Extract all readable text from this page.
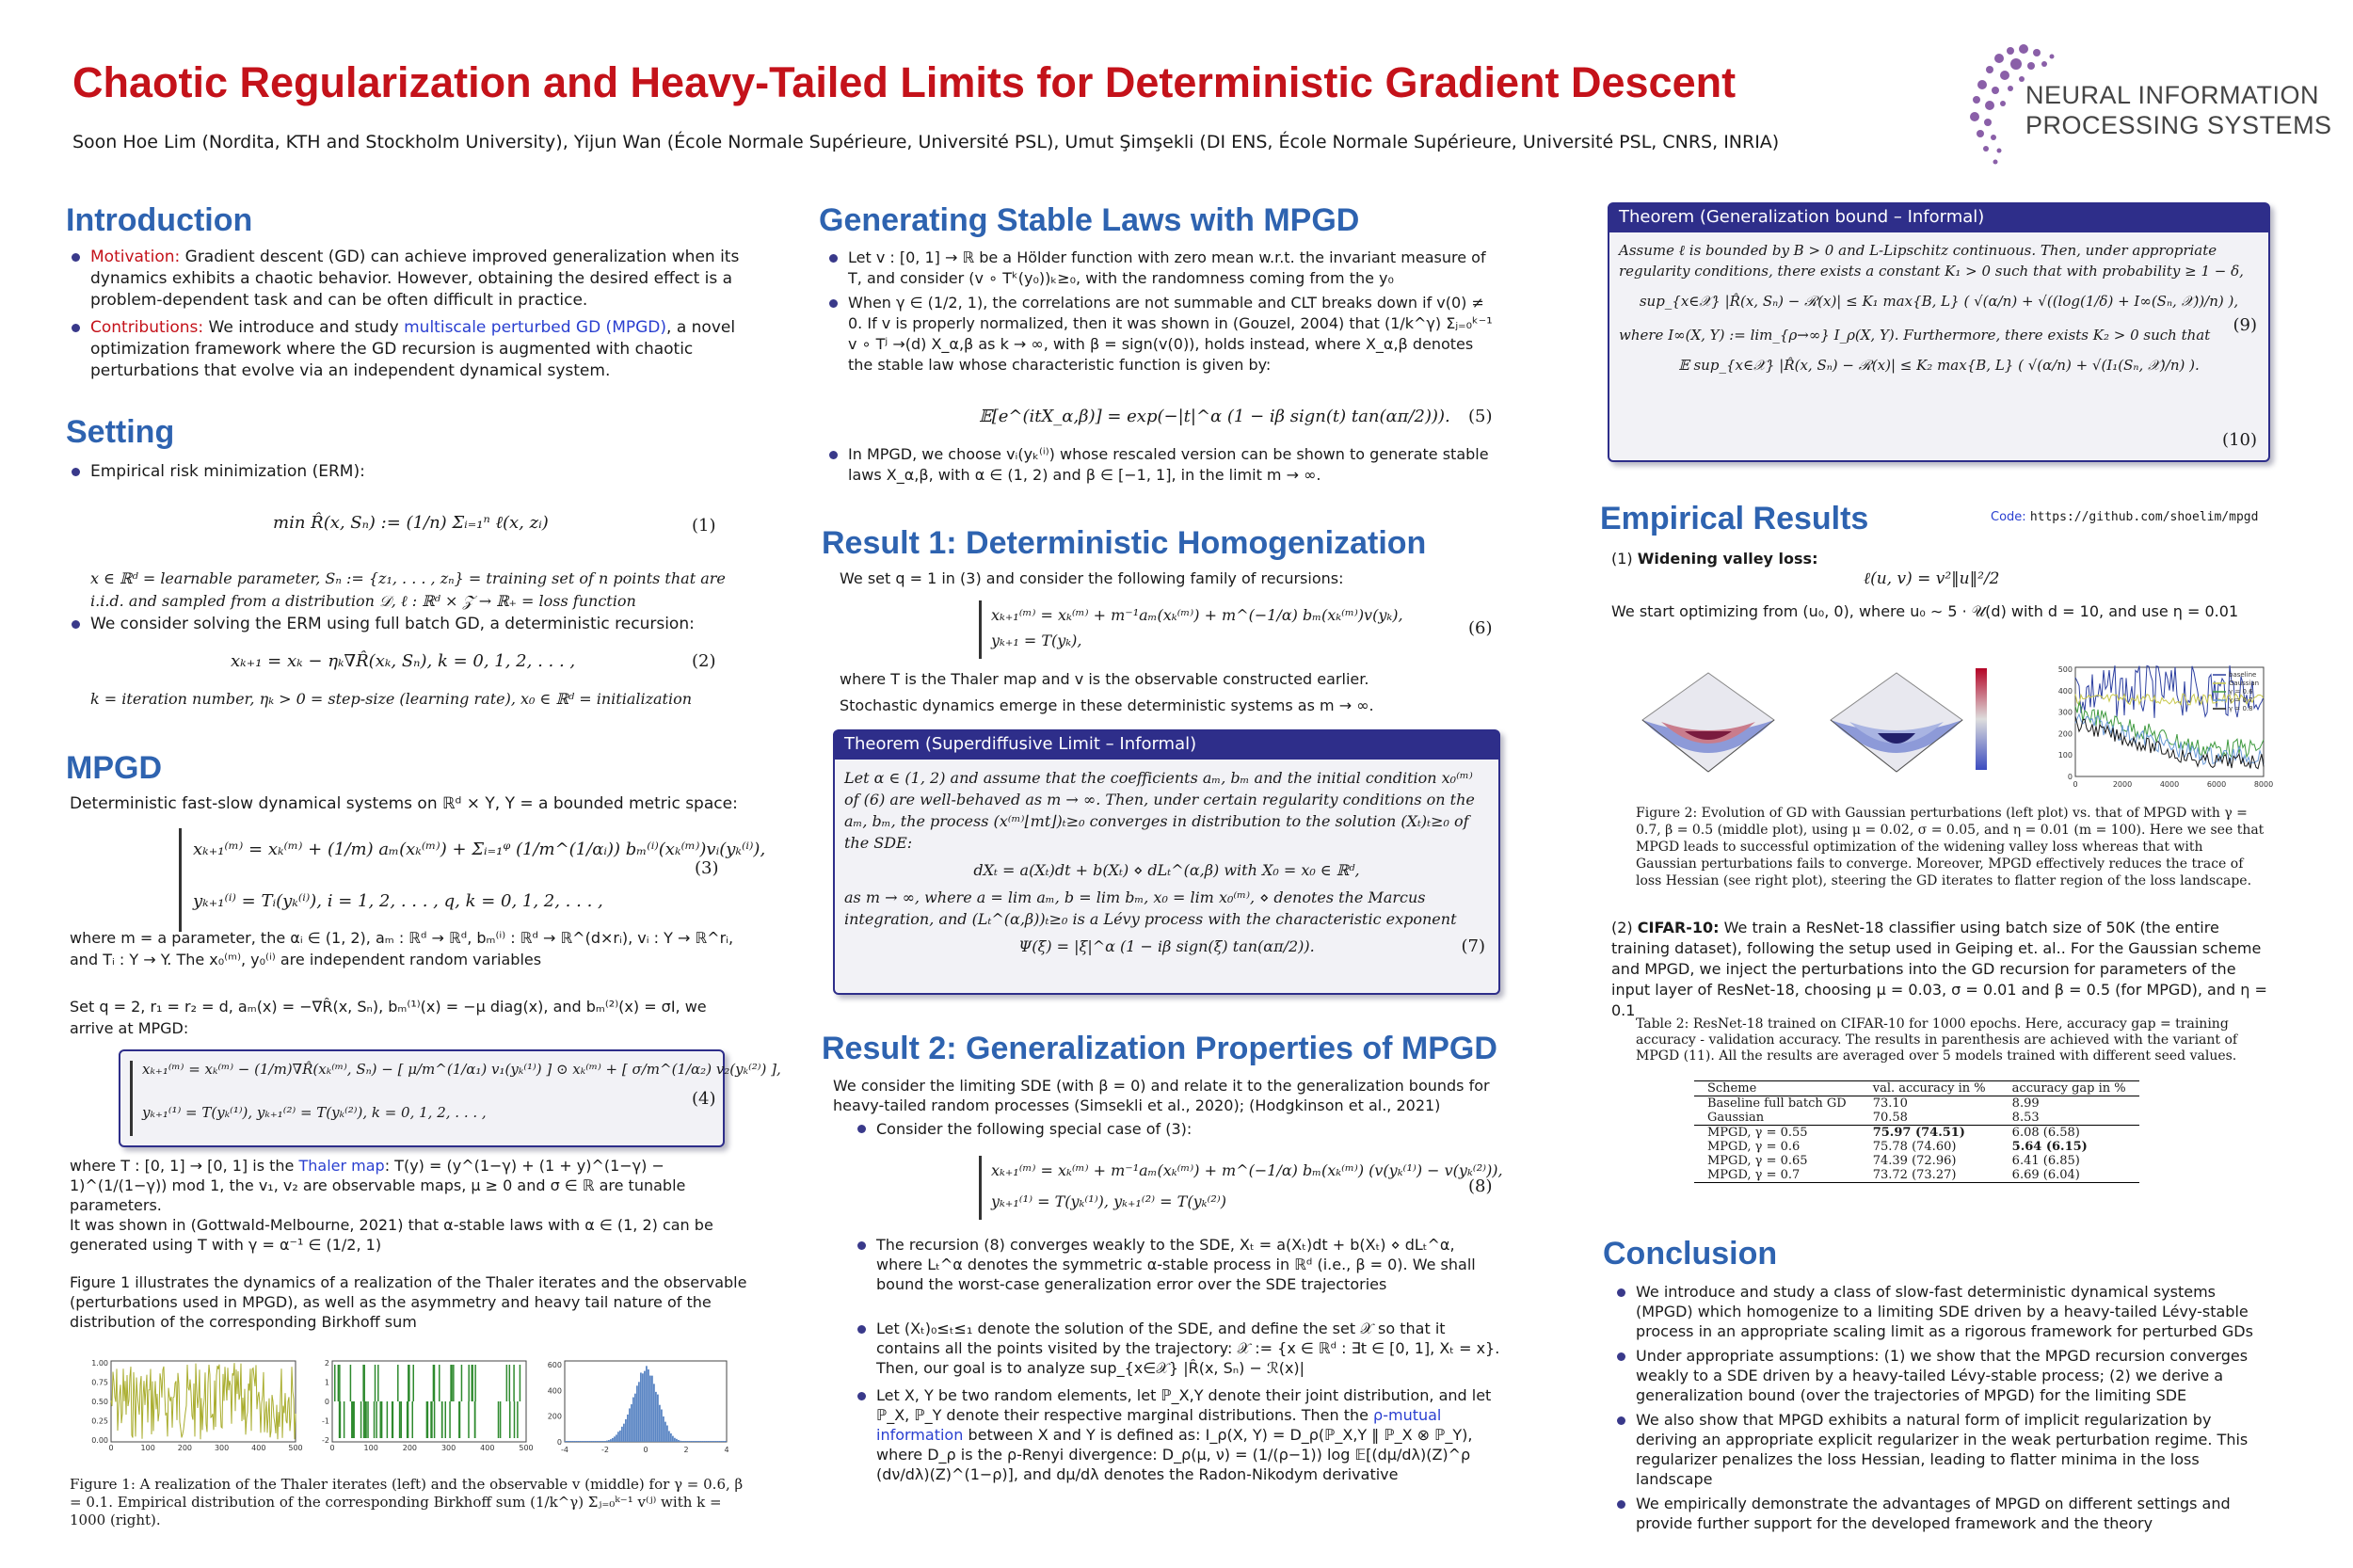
Chaotic Regularization and Heavy-Tailed Limits for Deterministic Gradient Descent
Soon Hoe Lim (Nordita, KTH and Stockholm University), Yijun Wan (École Normale Supérieure, Université PSL), Umut Şimşekli (DI ENS, École Normale Supérieure, Université PSL, CNRS, INRIA)
NEURAL INFORMATION
PROCESSING SYSTEMS
Introduction
Motivation: Gradient descent (GD) can achieve improved generalization when its dynamics exhibits a chaotic behavior. However, obtaining the desired effect is a problem-dependent task and can be often difficult in practice.
Contributions: We introduce and study multiscale perturbed GD (MPGD), a novel optimization framework where the GD recursion is augmented with chaotic perturbations that evolve via an independent dynamical system.
Setting
Empirical risk minimization (ERM):
min R̂(x, Sₙ) := (1/n) Σᵢ₌₁ⁿ ℓ(x, zᵢ)	(1)
x ∈ ℝᵈ = learnable parameter, Sₙ := {z₁, . . . , zₙ} = training set of n points that are i.i.d. and sampled from a distribution 𝒟, ℓ : ℝᵈ × 𝒵 → ℝ₊ = loss function
We consider solving the ERM using full batch GD, a deterministic recursion:
xₖ₊₁ = xₖ − ηₖ∇R̂(xₖ, Sₙ), k = 0, 1, 2, . . . ,	(2)
k = iteration number, ηₖ > 0 = step-size (learning rate), x₀ ∈ ℝᵈ = initialization
MPGD
Deterministic fast-slow dynamical systems on ℝᵈ × Y, Y = a bounded metric space:
xₖ₊₁⁽ᵐ⁾ = xₖ⁽ᵐ⁾ + (1/m) aₘ(xₖ⁽ᵐ⁾) + Σᵢ₌₁ᵠ (1/m^(1/αᵢ)) bₘ⁽ⁱ⁾(xₖ⁽ᵐ⁾)vᵢ(yₖ⁽ⁱ⁾),
yₖ₊₁⁽ⁱ⁾ = Tᵢ(yₖ⁽ⁱ⁾), i = 1, 2, . . . , q, k = 0, 1, 2, . . . ,
(3)
where m = a parameter, the αᵢ ∈ (1, 2), aₘ : ℝᵈ → ℝᵈ, bₘ⁽ⁱ⁾ : ℝᵈ → ℝ^(d×rᵢ), vᵢ : Y → ℝ^rᵢ, and Tᵢ : Y → Y. The x₀⁽ᵐ⁾, y₀⁽ⁱ⁾ are independent random variables
Set q = 2, r₁ = r₂ = d, aₘ(x) = −∇R̂(x, Sₙ), bₘ⁽¹⁾(x) = −μ diag(x), and bₘ⁽²⁾(x) = σI, we arrive at MPGD:
xₖ₊₁⁽ᵐ⁾ = xₖ⁽ᵐ⁾ − (1/m)∇R̂(xₖ⁽ᵐ⁾, Sₙ) − [ μ/m^(1/α₁) v₁(yₖ⁽¹⁾) ] ⊙ xₖ⁽ᵐ⁾ + [ σ/m^(1/α₂) v₂(yₖ⁽²⁾) ],
yₖ₊₁⁽¹⁾ = T(yₖ⁽¹⁾), yₖ₊₁⁽²⁾ = T(yₖ⁽²⁾), k = 0, 1, 2, . . . ,
(4)
where T : [0, 1] → [0, 1] is the Thaler map: T(y) = (y^(1−γ) + (1 + y)^(1−γ) − 1)^(1/(1−γ)) mod 1, the v₁, v₂ are observable maps, μ ≥ 0 and σ ∈ ℝ are tunable parameters.
It was shown in (Gottwald-Melbourne, 2021) that α-stable laws with α ∈ (1, 2) can be generated using T with γ = α⁻¹ ∈ (1/2, 1)
Figure 1 illustrates the dynamics of a realization of the Thaler iterates and the observable (perturbations used in MPGD), as well as the asymmetry and heavy tail nature of the distribution of the corresponding Birkhoff sum
1.00
0.75
0.50
0.25
0.00
0	100	200	300	400	500
2
1
0
-1
-2
0	100	200	300	400	500
600
400
200
0
-4	-2	0	2	4
Figure 1: A realization of the Thaler iterates (left) and the observable v (middle) for γ = 0.6, β = 0.1. Empirical distribution of the corresponding Birkhoff sum (1/k^γ) Σⱼ₌₀ᵏ⁻¹ v⁽ʲ⁾ with k = 1000 (right).
Generating Stable Laws with MPGD
Let v : [0, 1] → ℝ be a Hölder function with zero mean w.r.t. the invariant measure of T, and consider (v ∘ Tᵏ(y₀))ₖ≥₀, with the randomness coming from the y₀
When γ ∈ (1/2, 1), the correlations are not summable and CLT breaks down if v(0) ≠ 0. If v is properly normalized, then it was shown in (Gouzel, 2004) that (1/k^γ) Σⱼ₌₀ᵏ⁻¹ v ∘ Tʲ →(d) X_α,β as k → ∞, with β = sign(v(0)), holds instead, where X_α,β denotes the stable law whose characteristic function is given by:
𝔼[e^(itX_α,β)] = exp(−|t|^α (1 − iβ sign(t) tan(απ/2))). (5)
In MPGD, we choose vᵢ(yₖ⁽ⁱ⁾) whose rescaled version can be shown to generate stable laws X_α,β, with α ∈ (1, 2) and β ∈ [−1, 1], in the limit m → ∞.
Result 1: Deterministic Homogenization
We set q = 1 in (3) and consider the following family of recursions:
xₖ₊₁⁽ᵐ⁾ = xₖ⁽ᵐ⁾ + m⁻¹aₘ(xₖ⁽ᵐ⁾) + m^(−1/α) bₘ(xₖ⁽ᵐ⁾)v(yₖ),
yₖ₊₁ = T(yₖ),
(6)
where T is the Thaler map and v is the observable constructed earlier.
Stochastic dynamics emerge in these deterministic systems as m → ∞.
Theorem (Superdiffusive Limit – Informal)
Let α ∈ (1, 2) and assume that the coefficients aₘ, bₘ and the initial condition x₀⁽ᵐ⁾ of (6) are well-behaved as m → ∞. Then, under certain regularity conditions on the aₘ, bₘ, the process (x⁽ᵐ⁾⌊mt⌋)ₜ≥₀ converges in distribution to the solution (Xₜ)ₜ≥₀ of the SDE:
dXₜ = a(Xₜ)dt + b(Xₜ) ⋄ dLₜ^(α,β) with X₀ = x₀ ∈ ℝᵈ,
as m → ∞, where a = lim aₘ, b = lim bₘ, x₀ = lim x₀⁽ᵐ⁾, ⋄ denotes the Marcus integration, and (Lₜ^(α,β))ₜ≥₀ is a Lévy process with the characteristic exponent
Ψ(ξ) = |ξ|^α (1 − iβ sign(ξ) tan(απ/2)).	(7)
Result 2: Generalization Properties of MPGD
We consider the limiting SDE (with β = 0) and relate it to the generalization bounds for heavy-tailed random processes (Simsekli et al., 2020); (Hodgkinson et al., 2021)
Consider the following special case of (3):
xₖ₊₁⁽ᵐ⁾ = xₖ⁽ᵐ⁾ + m⁻¹aₘ(xₖ⁽ᵐ⁾) + m^(−1/α) bₘ(xₖ⁽ᵐ⁾) (v(yₖ⁽¹⁾) − v(yₖ⁽²⁾)),
yₖ₊₁⁽¹⁾ = T(yₖ⁽¹⁾), yₖ₊₁⁽²⁾ = T(yₖ⁽²⁾)
(8)
The recursion (8) converges weakly to the SDE, Xₜ = a(Xₜ)dt + b(Xₜ) ⋄ dLₜ^α, where Lₜ^α denotes the symmetric α-stable process in ℝᵈ (i.e., β = 0). We shall bound the worst-case generalization error over the SDE trajectories
Let (Xₜ)₀≤ₜ≤₁ denote the solution of the SDE, and define the set 𝒳 so that it contains all the points visited by the trajectory: 𝒳 := {x ∈ ℝᵈ : ∃t ∈ [0, 1], Xₜ = x}. Then, our goal is to analyze sup_{x∈𝒳} |R̂(x, Sₙ) − ℛ(x)|
Let X, Y be two random elements, let ℙ_X,Y denote their joint distribution, and let ℙ_X, ℙ_Y denote their respective marginal distributions. Then the ρ-mutual information between X and Y is defined as: I_ρ(X, Y) = D_ρ(ℙ_X,Y ‖ ℙ_X ⊗ ℙ_Y), where D_ρ is the ρ-Renyi divergence: D_ρ(μ, ν) = (1/(ρ−1)) log 𝔼[(dμ/dλ)(Z)^ρ (dν/dλ)(Z)^(1−ρ)], and dμ/dλ denotes the Radon-Nikodym derivative
Theorem (Generalization bound – Informal)
Assume ℓ is bounded by B > 0 and L-Lipschitz continuous. Then, under appropriate regularity conditions, there exists a constant K₁ > 0 such that with probability ≥ 1 − δ,
sup_{x∈𝒳} |R̂(x, Sₙ) − ℛ(x)| ≤ K₁ max{B, L} ( √(α/n) + √((log(1/δ) + I∞(Sₙ, 𝒳))/n) ),
(9)
where I∞(X, Y) := lim_{ρ→∞} I_ρ(X, Y). Furthermore, there exists K₂ > 0 such that
𝔼 sup_{x∈𝒳} |R̂(x, Sₙ) − ℛ(x)| ≤ K₂ max{B, L} ( √(α/n) + √(I₁(Sₙ, 𝒳)/n) ).
(10)
Empirical Results	Code: https://github.com/shoelim/mpgd
(1) Widening valley loss:
ℓ(u, v) = v²‖u‖²/2
We start optimizing from (u₀, 0), where u₀ ∼ 5 · 𝒰(d) with d = 10, and use η = 0.01
500
400
300
200
100
0
0	2000	4000	6000	8000
baseline
Gaussian
γ = 0.6
γ = 0.7
γ = 0.8
Figure 2: Evolution of GD with Gaussian perturbations (left plot) vs. that of MPGD with γ = 0.7, β = 0.5 (middle plot), using μ = 0.02, σ = 0.05, and η = 0.01 (m = 100). Here we see that MPGD leads to successful optimization of the widening valley loss whereas that with Gaussian perturbations fails to converge. Moreover, MPGD effectively reduces the trace of loss Hessian (see right plot), steering the GD iterates to flatter region of the loss landscape.
(2) CIFAR-10: We train a ResNet-18 classifier using batch size of 50K (the entire training dataset), following the setup used in Geiping et. al.. For the Gaussian scheme and MPGD, we inject the perturbations into the GD recursion for parameters of the input layer of ResNet-18, choosing μ = 0.03, σ = 0.01 and β = 0.5 (for MPGD), and η = 0.1
Table 2: ResNet-18 trained on CIFAR-10 for 1000 epochs. Here, accuracy gap = training accuracy - validation accuracy. The results in parenthesis are achieved with the variant of MPGD (11). All the results are averaged over 5 models trained with different seed values.
Scheme	val. accuracy in %	accuracy gap in %
Baseline full batch GD	73.10	8.99
Gaussian	70.58	8.53
MPGD, γ = 0.55	75.97 (74.51)	6.08 (6.58)
MPGD, γ = 0.6	75.78 (74.60)	5.64 (6.15)
MPGD, γ = 0.65	74.39 (72.96)	6.41 (6.85)
MPGD, γ = 0.7	73.72 (73.27)	6.69 (6.04)
Conclusion
We introduce and study a class of slow-fast deterministic dynamical systems (MPGD) which homogenize to a limiting SDE driven by a heavy-tailed Lévy-stable process in an appropriate scaling limit as a rigorous framework for perturbed GDs
Under appropriate assumptions: (1) we show that the MPGD recursion converges weakly to a SDE driven by a heavy-tailed Lévy-stable process; (2) we derive a generalization bound (over the trajectories of MPGD) for the limiting SDE
We also show that MPGD exhibits a natural form of implicit regularization by deriving an appropriate explicit regularizer in the weak perturbation regime. This regularizer penalizes the loss Hessian, leading to flatter minima in the loss landscape
We empirically demonstrate the advantages of MPGD on different settings and provide further support for the developed framework and the theory
